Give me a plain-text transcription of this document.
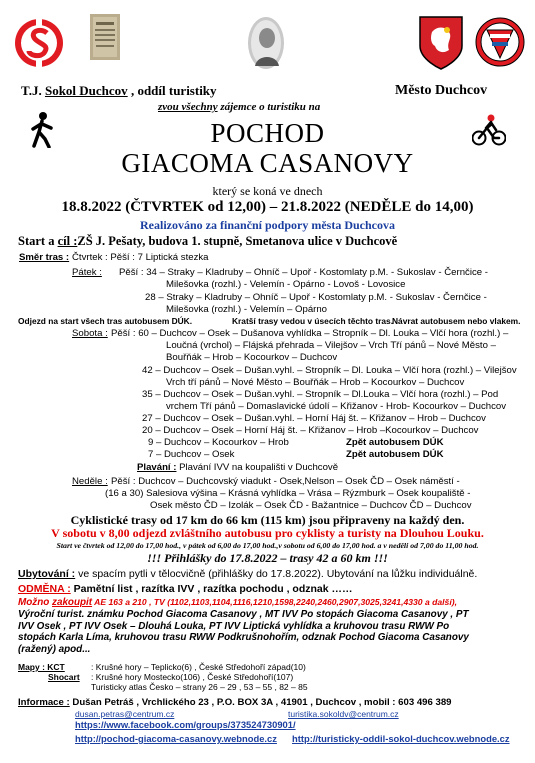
T.J. Sokol Duchcov , oddíl turistiky	Město Duchcov
zvou všechny zájemce o turistiku na
POCHOD
GIACOMA CASANOVY
který se koná ve dnech
18.8.2022 (ČTVRTEK od 12,00) – 21.8.2022 (NEDĚLE do 14,00)
Realizováno za finanční podpory města Duchcova
Start a cíl :ZŠ J. Pešaty, budova 1. stupně, Smetanova ulice v Duchcově
Směr tras : Čtvrtek : Pěší : 7 Liptická stezka
Pátek : Pěší : 34 – Straky – Kladruby – Ohníč – Upoř - Kostomlaty p.M. - Sukoslav - Černčice -
Milešovka (rozhl.) - Velemín - Opárno - Lovoš - Lovosice
28 – Straky – Kladruby – Ohníč – Upoř - Kostomlaty p.M. - Sukoslav - Černčice -
Milešovka (rozhl.) - Velemín – Opárno
Odjezd na start všech tras autobusem DÚK.	Kratší trasy vedou v úsecích těchto tras.
Návrat autobusem nebo vlakem.
Sobota : Pěší : 60 – Duchcov – Osek – Dušanova vyhlídka – Stropník – Dl. Louka – Vlčí hora (rozhl.) –
Loučná (vrchol) – Flájská přehrada – Vilejšov – Vrch Tří pánů – Nové Město –
Bouřňák – Hrob – Kocourkov – Duchcov
42 – Duchcov – Osek – Dušan.vyhl. – Stropník – Dl. Louka – Vlčí hora (rozhl.) – Vilejšov
Vrch tří pánů – Nové Město – Bouřňák – Hrob – Kocourkov – Duchcov
35 – Duchcov – Osek – Dušan.vyhl. – Stropník – Dl.Louka – Vlčí hora (rozhl.) – Pod
vrchem Tří pánů – Domaslavické údolí – Křižanov - Hrob- Kocourkov – Duchcov
27 – Duchcov – Osek – Dušan.vyhl. – Horní Háj št. – Křižanov – Hrob – Duchcov
20 – Duchcov – Osek – Horní Háj št. – Křižanov – Hrob –Kocourkov – Duchcov
9 – Duchcov – Kocourkov – Hrob	Zpět autobusem DÚK
7 – Duchcov – Osek	Zpět autobusem DÚK
Plavání : Plavání IVV na koupališti v Duchcově
Neděle : Pěší : Duchcov – Duchcovský viadukt - Osek,Nelson – Osek ČD – Osek náměstí -
(16 a 30) Salesiova výšina – Krásná vyhlídka – Vrása – Rýzmburk – Osek koupaliště -
Osek město ČD – Izolák – Osek ČD - Bažantnice – Duchcov ČD – Duchcov
Cyklistické trasy od 17 km do 66 km (115 km) jsou připraveny na každý den.
V sobotu v 8,00 odjezd zvláštního autobusu pro cyklisty a turisty na Dlouhou Louku.
Start ve čtvrtek od 12,00 do 17,00 hod., v pátek od 6,00 do 17,00 hod.,v sobotu od 6,00 do 17,00 hod. a v neděli od 7,00 do 11,00 hod.
!!! Přihlášky do 17.8.2022 – trasy 42 a 60 km !!!
Ubytování : ve spacím pytli v tělocvičně (přihlášky do 17.8.2022). Ubytování na lůžku individuálně.
ODMĚNA : Pamětní list , razítka IVV , razítka pochodu , odznak ……
Možno zakoupit AE 163 a 210 , TV (1102,1103,1104,1116,1210,1598,2240,2460,2907,3025,3241,4330 a další),
Výroční turist. známku Pochod Giacoma Casanovy , MT IVV Po stopách Giacoma Casanovy , PT
IVV Osek , PT IVV Osek – Dlouhá Louka, PT IVV Liptická vyhlídka a kruhovou trasu RWW Po
stopách Karla Líma, kruhovou trasu RWW Podkrušnohořím, odznak Pochod Giacoma Casanovy
(ražený) apod...
Mapy : KCT	: Krušné hory – Teplicko(6) , České Středohoří západ(10)
Shocart : Krušné hory Mostecko(106) , České Středohoří(107)
Turisticky atlas Česko – strany 26 – 29 , 53 – 55 , 82 – 85
Informace : Dušan Petráš , Vrchlického 23 , P.O. BOX 3A , 41901 , Duchcov , mobil : 603 496 389
dusan.petras@centrum.cz	turistika.sokoldv@centrum.cz
https://www.facebook.com/groups/373524730901/
http://pochod-giacoma-casanovy.webnode.cz http://turisticky-oddil-sokol-duchcov.webnode.cz
